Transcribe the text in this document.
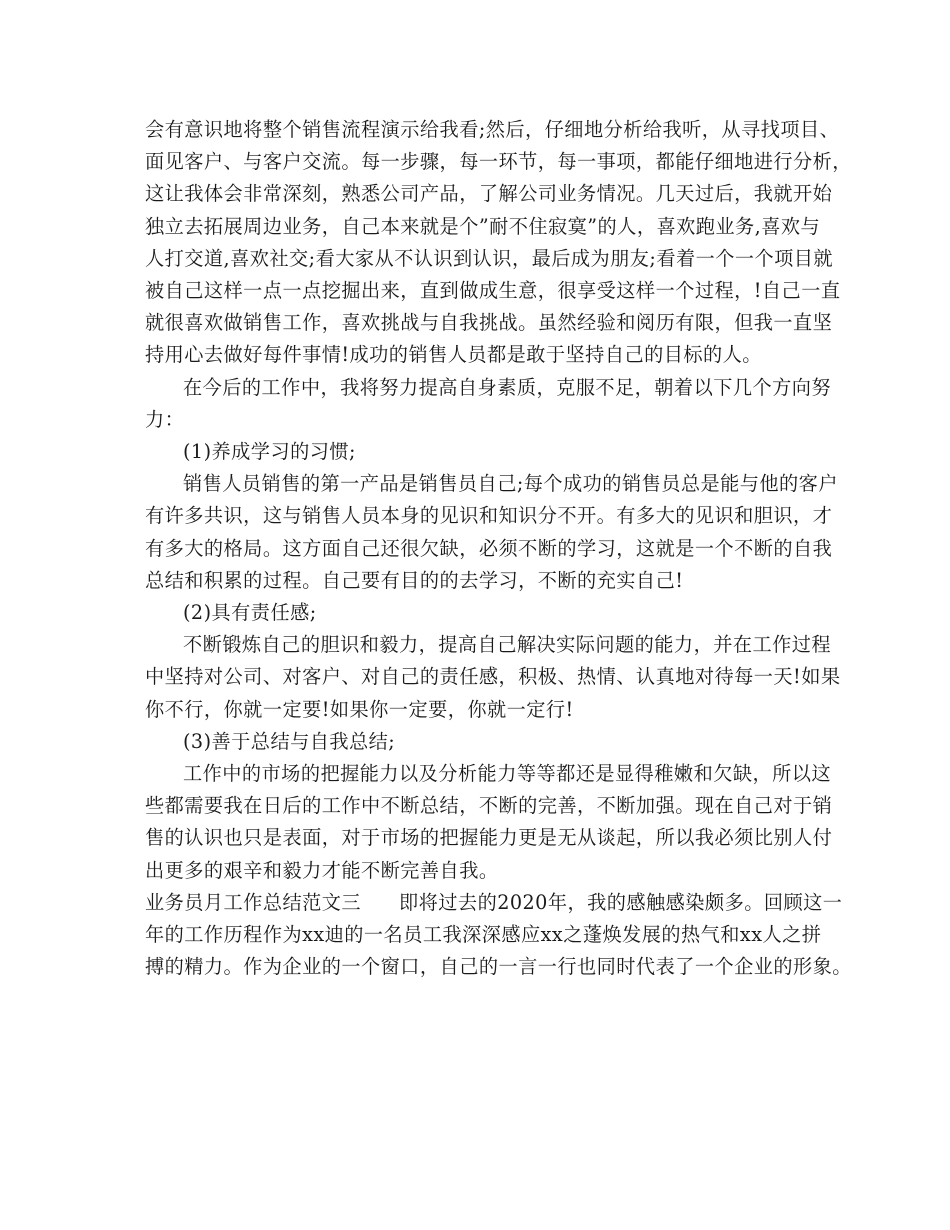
会有意识地将整个销售流程演示给我看;然后，仔细地分析给我听，从寻找项目、
面见客户、与客户交流。每一步骤，每一环节，每一事项，都能仔细地进行分析，
这让我体会非常深刻，熟悉公司产品，了解公司业务情况。几天过后，我就开始
独立去拓展周边业务，自己本来就是个”耐不住寂寞”的人，喜欢跑业务,喜欢与
人打交道,喜欢社交;看大家从不认识到认识，最后成为朋友;看着一个一个项目就
被自己这样一点一点挖掘出来，直到做成生意，很享受这样一个过程，!自己一直
就很喜欢做销售工作，喜欢挑战与自我挑战。虽然经验和阅历有限，但我一直坚
持用心去做好每件事情!成功的销售人员都是敢于坚持自己的目标的人。

在今后的工作中，我将努力提高自身素质，克服不足，朝着以下几个方向努
力：

(1)养成学习的习惯;

销售人员销售的第一产品是销售员自己;每个成功的销售员总是能与他的客户
有许多共识，这与销售人员本身的见识和知识分不开。有多大的见识和胆识，才
有多大的格局。这方面自己还很欠缺，必须不断的学习，这就是一个不断的自我
总结和积累的过程。自己要有目的的去学习，不断的充实自己!

(2)具有责任感;

不断锻炼自己的胆识和毅力，提高自己解决实际问题的能力，并在工作过程
中坚持对公司、对客户、对自己的责任感，积极、热情、认真地对待每一天!如果
你不行，你就一定要!如果你一定要，你就一定行!

(3)善于总结与自我总结;

工作中的市场的把握能力以及分析能力等等都还是显得稚嫩和欠缺，所以这
些都需要我在日后的工作中不断总结，不断的完善，不断加强。现在自己对于销
售的认识也只是表面，对于市场的把握能力更是无从谈起，所以我必须比别人付
出更多的艰辛和毅力才能不断完善自我。

业务员月工作总结范文三 即将过去的2020年，我的感触感染颇多。回顾这一
年的工作历程作为xx迪的一名员工我深深感应xx之蓬焕发展的热气和xx人之拼
搏的精力。作为企业的一个窗口，自己的一言一行也同时代表了一个企业的形象。
